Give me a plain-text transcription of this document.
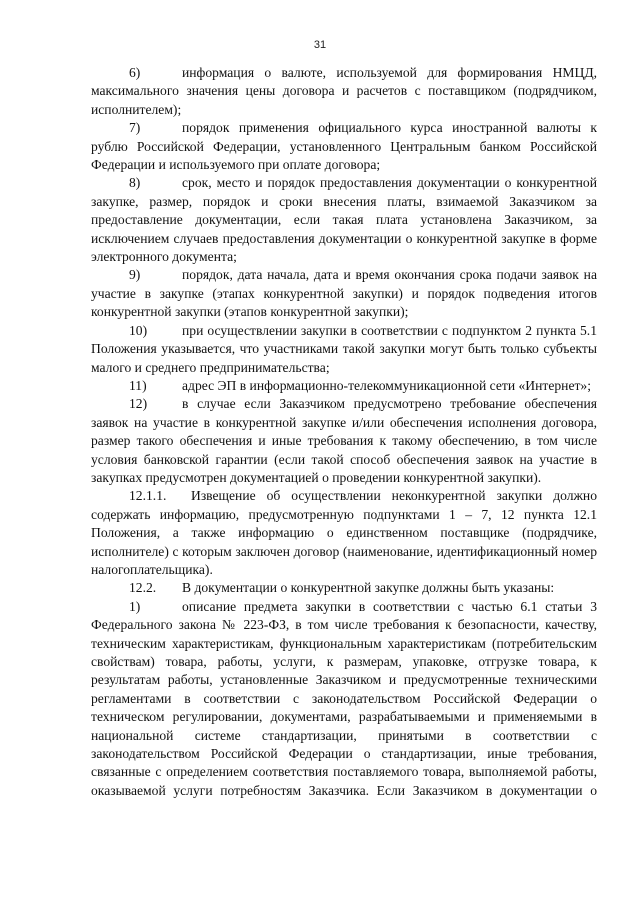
31

6)	информация о валюте, используемой для формирования НМЦД, максимального значения цены договора и расчетов с поставщиком (подрядчиком, исполнителем);

7)	порядок применения официального курса иностранной валюты к рублю Российской Федерации, установленного Центральным банком Российской Федерации и используемого при оплате договора;

8)	срок, место и порядок предоставления документации о конкурентной закупке, размер, порядок и сроки внесения платы, взимаемой Заказчиком за предоставление документации, если такая плата установлена Заказчиком, за исключением случаев предоставления документации о конкурентной закупке в форме электронного документа;

9)	порядок, дата начала, дата и время окончания срока подачи заявок на участие в закупке (этапах конкурентной закупки) и порядок подведения итогов конкурентной закупки (этапов конкурентной закупки);

10)	при осуществлении закупки в соответствии с подпунктом 2 пункта 5.1 Положения указывается, что участниками такой закупки могут быть только субъекты малого и среднего предпринимательства;

11)	адрес ЭП в информационно-телекоммуникационной сети «Интернет»;

12)	в случае если Заказчиком предусмотрено требование обеспечения заявок на участие в конкурентной закупке и/или обеспечения исполнения договора, размер такого обеспечения и иные требования к такому обеспечению, в том числе условия банковской гарантии (если такой способ обеспечения заявок на участие в закупках предусмотрен документацией о проведении конкурентной закупки).

12.1.1. Извещение об осуществлении неконкурентной закупки должно содержать информацию, предусмотренную подпунктами 1 – 7, 12 пункта 12.1 Положения, а также информацию о единственном поставщике (подрядчике, исполнителе) с которым заключен договор (наименование, идентификационный номер налогоплательщика).

12.2. В документации о конкурентной закупке должны быть указаны:

1)	описание предмета закупки в соответствии с частью 6.1 статьи 3 Федерального закона № 223-ФЗ, в том числе требования к безопасности, качеству, техническим характеристикам, функциональным характеристикам (потребительским свойствам) товара, работы, услуги, к размерам, упаковке, отгрузке товара, к результатам работы, установленные Заказчиком и предусмотренные техническими регламентами в соответствии с законодательством Российской Федерации о техническом регулировании, документами, разрабатываемыми и применяемыми в национальной системе стандартизации, принятыми в соответствии с законодательством Российской Федерации о стандартизации, иные требования, связанные с определением соответствия поставляемого товара, выполняемой работы, оказываемой услуги потребностям Заказчика. Если Заказчиком в документации о
